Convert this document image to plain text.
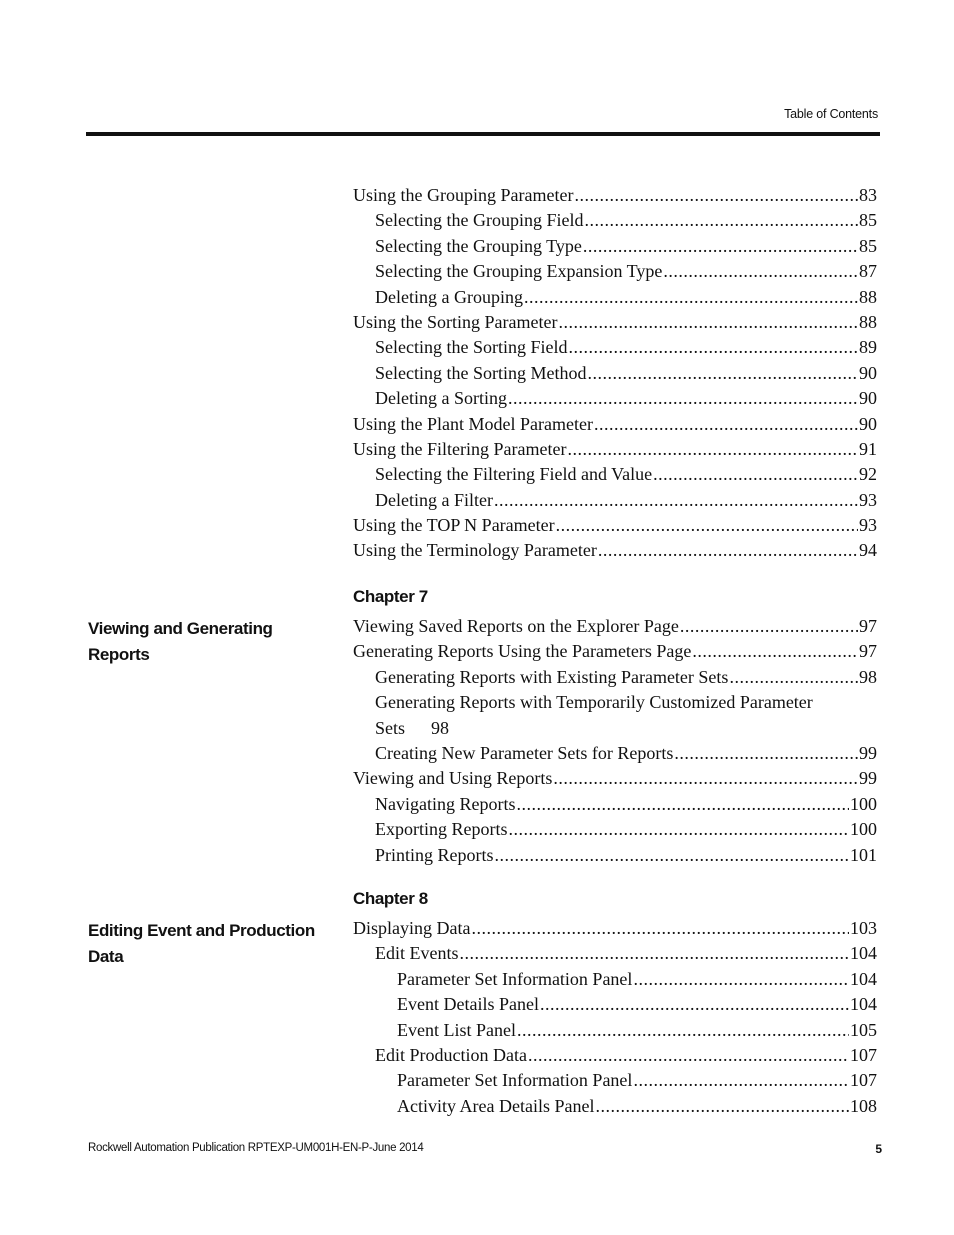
Table of Contents
Using the Grouping Parameter .....	83
Selecting the Grouping Field .....	85
Selecting the Grouping Type .....	85
Selecting the Grouping Expansion Type .....	87
Deleting a Grouping .....	88
Using the Sorting Parameter .....	88
Selecting the Sorting Field .....	89
Selecting the Sorting Method .....	90
Deleting a Sorting .....	90
Using the Plant Model Parameter .....	90
Using the Filtering Parameter .....	91
Selecting the Filtering Field and Value .....	92
Deleting a Filter .....	93
Using the TOP N Parameter .....	93
Using the Terminology Parameter .....	94
Chapter 7
Viewing and Generating Reports
Viewing Saved Reports on the Explorer Page .....	97
Generating Reports Using the Parameters Page .....	97
Generating Reports with Existing Parameter Sets .....	98
Generating Reports with Temporarily Customized Parameter Sets 98
Creating New Parameter Sets for Reports .....	99
Viewing and Using Reports .....	99
Navigating Reports .....	100
Exporting Reports .....	100
Printing Reports .....	101
Chapter 8
Editing Event and Production Data
Displaying Data .....	103
Edit Events .....	104
Parameter Set Information Panel .....	104
Event Details Panel .....	104
Event List Panel .....	105
Edit Production Data .....	107
Parameter Set Information Panel .....	107
Activity Area Details Panel .....	108
Rockwell Automation Publication RPTEXP-UM001H-EN-P-June 2014	5
